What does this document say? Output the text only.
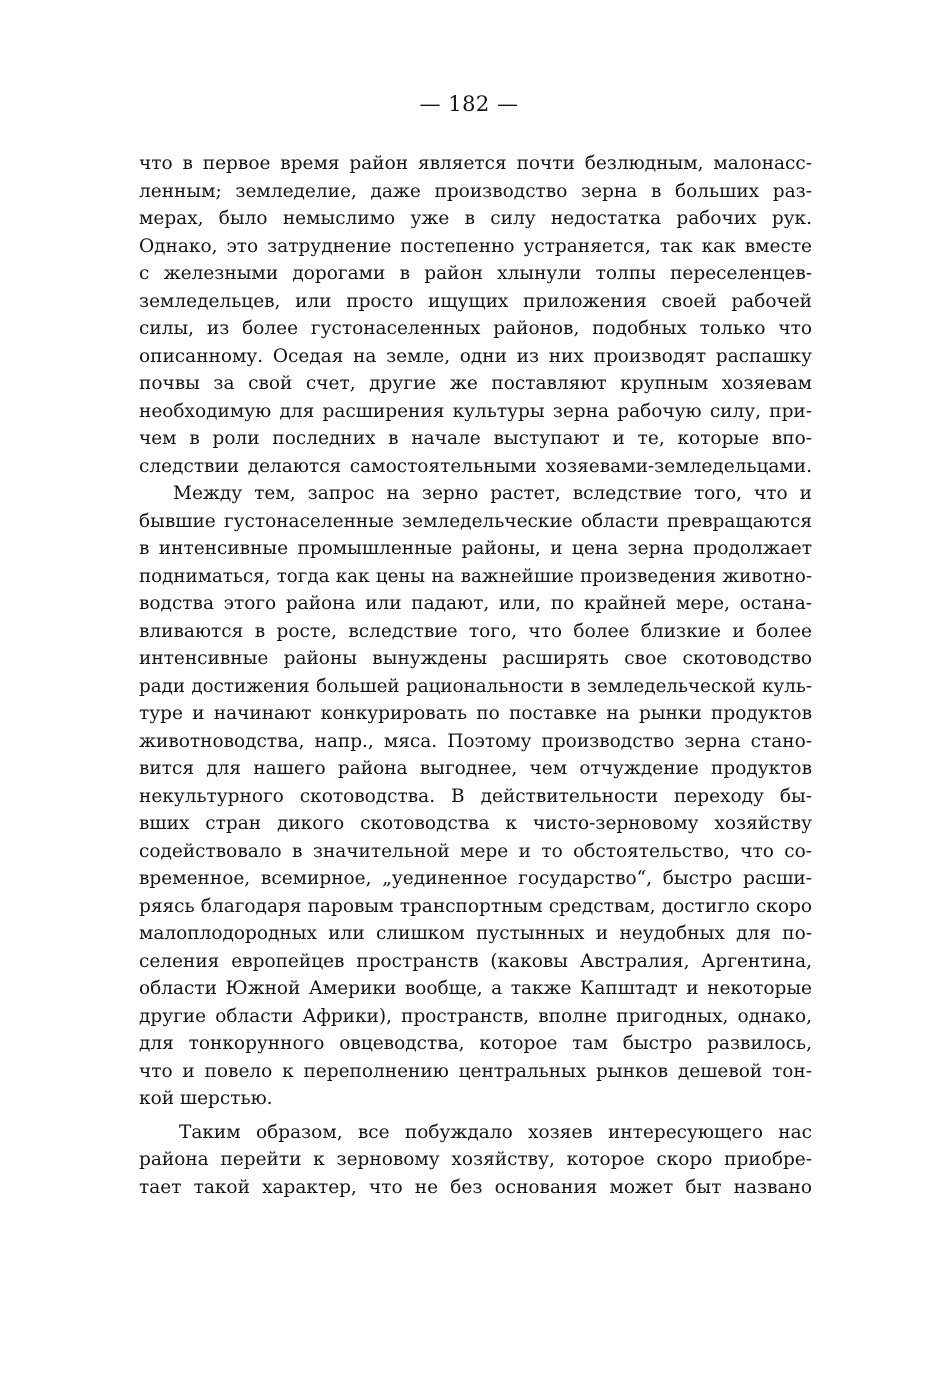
— 182 —
что в первое время район является почти безлюдным, малонасс-
ленным; земледелие, даже производство зерна в больших раз-
мерах, было немыслимо уже в силу недостатка рабочих рук.
Однако, это затруднение постепенно устраняется, так как вместе
с железными дорогами в район хлынули толпы переселенцев-
земледельцев, или просто ищущих приложения своей рабочей
силы, из более густонаселенных районов, подобных только что
описанному. Оседая на земле, одни из них производят распашку
почвы за свой счет, другие же поставляют крупным хозяевам
необходимую для расширения культуры зерна рабочую силу, при-
чем в роли последних в начале выступают и те, которые впо-
следствии делаются самостоятельными хозяевами-земледельцами.
Между тем, запрос на зерно растет, вследствие того, что и
бывшие густонаселенные земледельческие области превращаются
в интенсивные промышленные районы, и цена зерна продолжает
подниматься, тогда как цены на важнейшие произведения животно-
водства этого района или падают, или, по крайней мере, остана-
вливаются в росте, вследствие того, что более близкие и более
интенсивные районы вынуждены расширять свое скотоводство
ради достижения большей рациональности в земледельческой куль-
туре и начинают конкурировать по поставке на рынки продуктов
животноводства, напр., мяса. Поэтому производство зерна стано-
вится для нашего района выгоднее, чем отчуждение продуктов
некультурного скотоводства. В действительности переходу бы-
вших стран дикого скотоводства к чисто-зерновому хозяйству
содействовало в значительной мере и то обстоятельство, что со-
временное, всемирное, „уединенное государство“, быстро расши-
ряясь благодаря паровым транспортным средствам, достигло скоро
малоплодородных или слишком пустынных и неудобных для по-
селения европейцев пространств (каковы Австралия, Аргентина,
области Южной Америки вообще, а также Капштадт и некоторые
другие области Африки), пространств, вполне пригодных, однако,
для тонкорунного овцеводства, которое там быстро развилось,
что и повело к переполнению центральных рынков дешевой тон-
кой шерстью.
Таким образом, все побуждало хозяев интересующего нас
района перейти к зерновому хозяйству, которое скоро приобре-
тает такой характер, что не без основания может быт названо
